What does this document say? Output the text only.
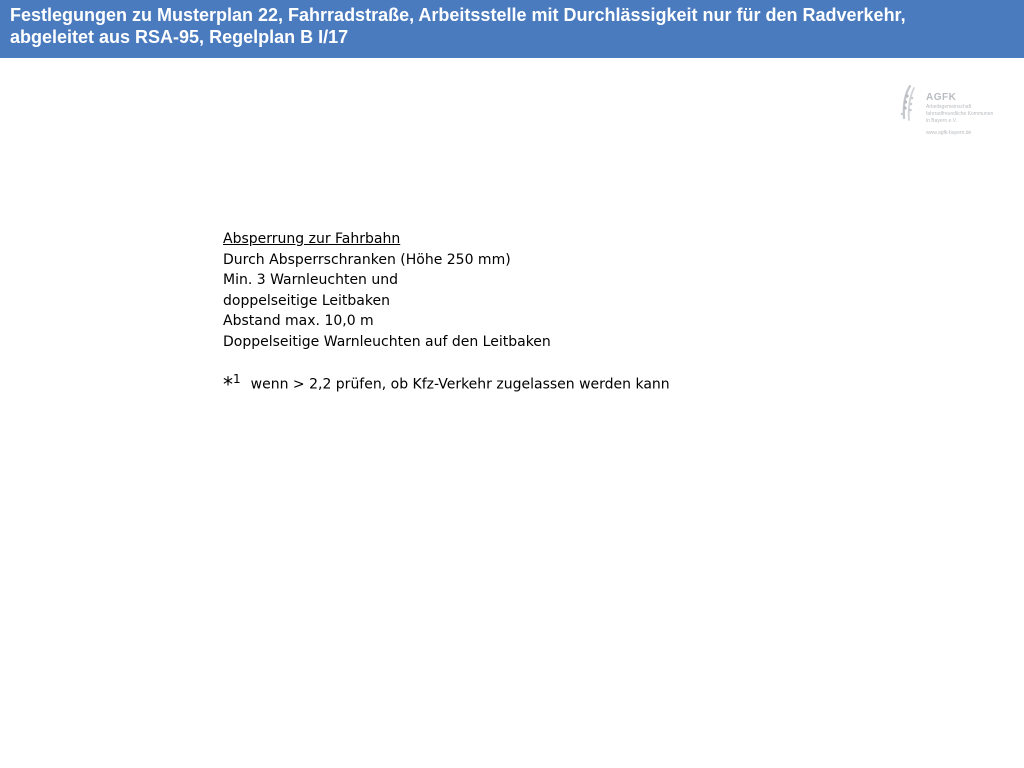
Festlegungen zu Musterplan 22, Fahrradstraße, Arbeitsstelle mit Durchlässigkeit nur für den Radverkehr,
abgeleitet aus RSA-95, Regelplan B I/17
AGFK
Arbeitsgemeinschaft
fahrradfreundliche Kommunen
in Bayern e.V.
www.agfk-bayern.de
Absperrung zur Fahrbahn
Durch Absperrschranken (Höhe 250 mm)
Min. 3 Warnleuchten und
doppelseitige Leitbaken
Abstand max. 10,0 m
Doppelseitige Warnleuchten auf den Leitbaken
*$^1$ wenn > 2,2 prüfen, ob Kfz-Verkehr zugelassen werden kann
